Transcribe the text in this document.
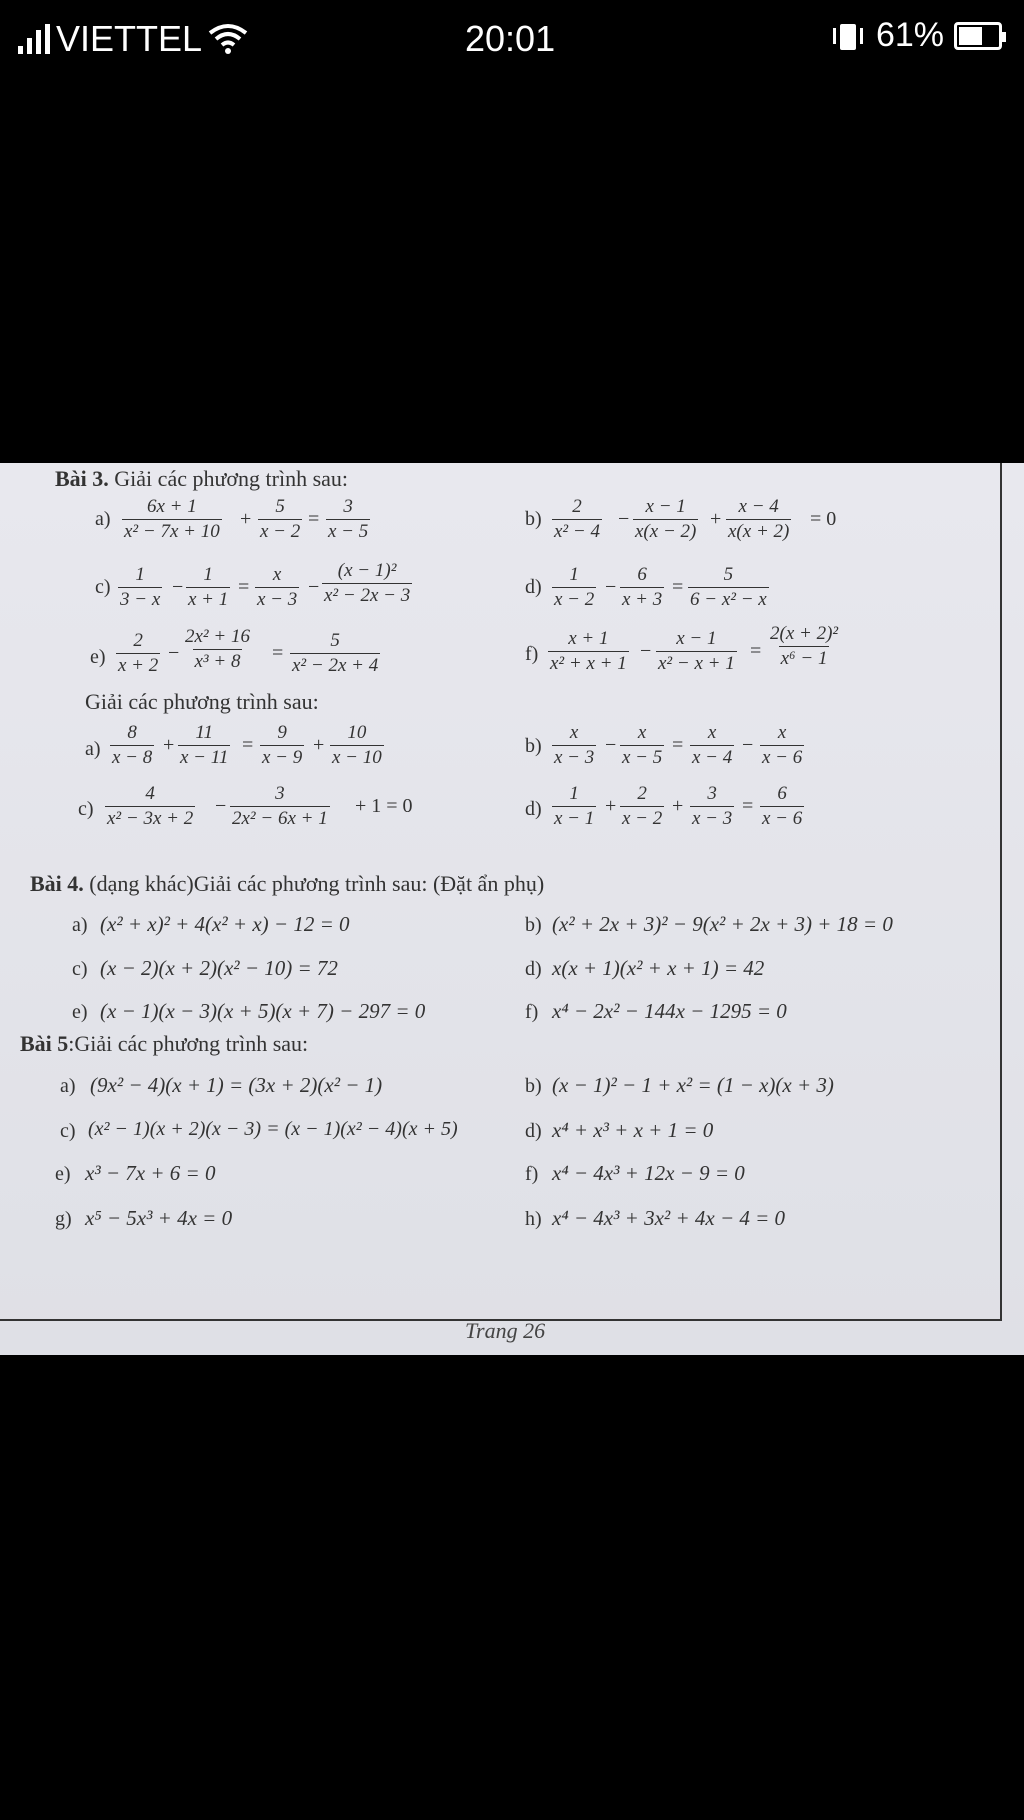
VIETTEL	20:01	61%
Bài 3. Giải các phương trình sau:
$a) \frac{6x + 1}{\text{x² − 7x + 10}} + \frac{5}{x - 2} = \frac{3}{x - 5}$	$b) \frac{2}{\text{x² − 4}} - \frac{x - 1}{x(x - 2)} + \frac{x - 4}{x(x + 2)} = 0$
$c) \frac{1}{3 - x} - \frac{1}{x + 1} = \frac{x}{x - 3} - \frac{\text{(x − 1)²}}{\text{x² − 2x − 3}}$	$d) \frac{1}{x - 2} - \frac{6}{x + 3} = \frac{5}{\text{6 − x² − x}}$
$e) \frac{2}{x + 2} - \frac{\text{2x² + 16}}{\text{x³ + 8}} = \frac{5}{\text{x² − 2x + 4}}$	$f) \frac{x + 1}{\text{x² + x + 1}} - \frac{x - 1}{\text{x² − x + 1}} = \frac{\text{2(x + 2)²}}{\text{x⁶ − 1}}$
Giải các phương trình sau:
$a) \frac{8}{x - 8} + \frac{11}{x - 11} = \frac{9}{x - 9} + \frac{10}{x - 10}$	$b) \frac{x}{x - 3} - \frac{x}{x - 5} = \frac{x}{x - 4} - \frac{x}{x - 6}$
$c) \frac{4}{\text{x² − 3x + 2}} - \frac{3}{\text{2x² − 6x + 1}} + 1 = 0$	$d) \frac{1}{x - 1} + \frac{2}{x - 2} + \frac{3}{x - 3} = \frac{6}{x - 6}$
Bài 4. (dạng khác)Giải các phương trình sau: (Đặt ẩn phụ)
a) (x² + x)² + 4(x² + x) − 12 = 0	b) (x² + 2x + 3)² − 9(x² + 2x + 3) + 18 = 0
c) (x − 2)(x + 2)(x² − 10) = 72	d) x(x + 1)(x² + x + 1) = 42
e) (x − 1)(x − 3)(x + 5)(x + 7) − 297 = 0	f) x⁴ − 2x² − 144x − 1295 = 0
Bài 5:Giải các phương trình sau:
a) (9x² − 4)(x + 1) = (3x + 2)(x² − 1)	b) (x − 1)² − 1 + x² = (1 − x)(x + 3)
c) (x² − 1)(x + 2)(x − 3) = (x − 1)(x² − 4)(x + 5)	d) x⁴ + x³ + x + 1 = 0
e) x³ − 7x + 6 = 0	f) x⁴ − 4x³ + 12x − 9 = 0
g) x⁵ − 5x³ + 4x = 0	h) x⁴ − 4x³ + 3x² + 4x − 4 = 0
Trang 26
